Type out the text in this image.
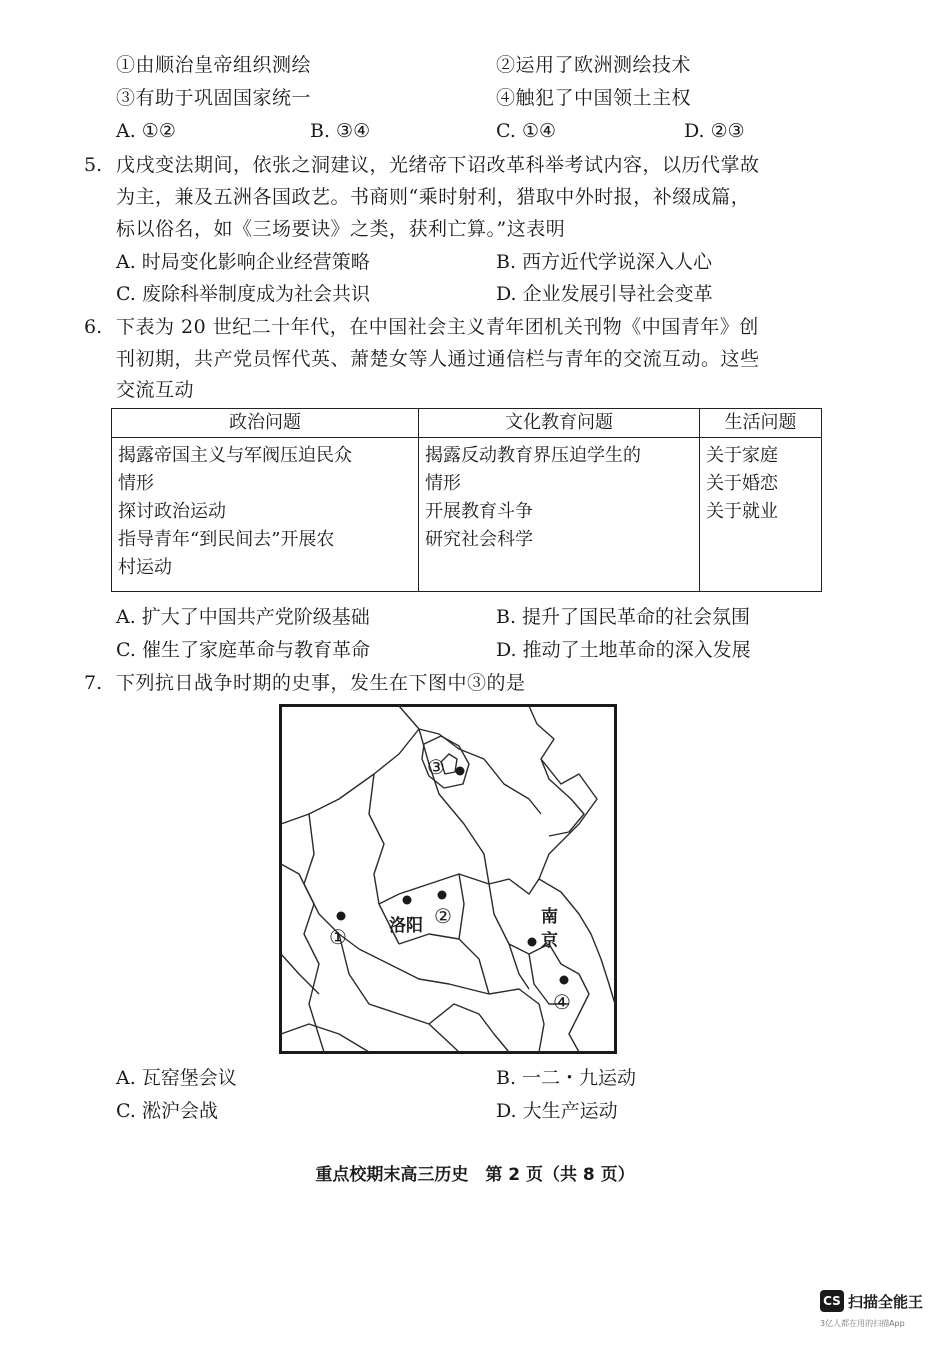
①由顺治皇帝组织测绘	②运用了欧洲测绘技术
③有助于巩固国家统一	④触犯了中国领土主权
A. ①②	B. ③④	C. ①④	D. ②③
5. 戊戌变法期间，依张之洞建议，光绪帝下诏改革科举考试内容，以历代掌故
为主，兼及五洲各国政艺。书商则“乘时射利，猎取中外时报，补缀成篇，
标以俗名，如《三场要诀》之类，获利亡算。”这表明
A. 时局变化影响企业经营策略	B. 西方近代学说深入人心
C. 废除科举制度成为社会共识	D. 企业发展引导社会变革
6. 下表为 20 世纪二十年代，在中国社会主义青年团机关刊物《中国青年》创
刊初期，共产党员恽代英、萧楚女等人通过通信栏与青年的交流互动。这些
交流互动
政治问题	文化教育问题	生活问题

揭露帝国主义与军阀压迫民众
情形
探讨政治运动
指导青年“到民间去”开展农
村运动	揭露反动教育界压迫学生的
情形
开展教育斗争
研究社会科学	关于家庭
关于婚恋
关于就业
A. 扩大了中国共产党阶级基础	B. 提升了国民革命的社会氛围
C. 催生了家庭革命与教育革命	D. 推动了土地革命的深入发展
7. 下列抗日战争时期的史事，发生在下图中③的是
③
① 洛阳 ②	南
京
④
A. 瓦窑堡会议	B. 一二・九运动
C. 淞沪会战	D. 大生产运动
重点校期末高三历史　第 2 页（共 8 页）
CS 扫描全能王
3亿人都在用的扫描App
